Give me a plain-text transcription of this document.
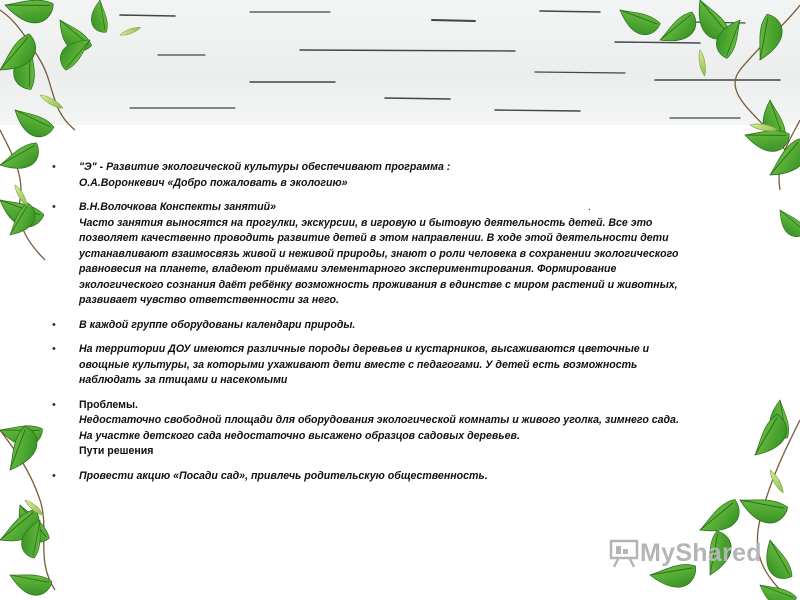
• "Э" - Развитие экологической культуры обеспечивают программа :
О.А.Воронкевич «Добро пожаловать в экологию»
• В.Н.Волочкова Конспекты занятий»
Часто занятия выносятся на прогулки, экскурсии, в игровую и бытовую деятельность детей. Все это
позволяет качественно проводить развитие детей в этом направлении. В ходе этой деятельности дети
устанавливают взаимосвязь живой и неживой природы, знают о роли человека в сохранении экологического
равновесия на планете, владеют приёмами элементарного экспериментирования. Формирование
экологического сознания даёт ребёнку возможность проживания в единстве с миром растений и животных,
развивает чувство ответственности за него.
• В каждой группе оборудованы календари природы.
• На территории ДОУ имеются различные породы деревьев и кустарников, высаживаются цветочные и
овощные культуры, за которыми ухаживают дети вместе с педагогами. У детей есть возможность
наблюдать за птицами и насекомыми
• Проблемы.
Недостаточно свободной площади для оборудования экологической комнаты и живого уголка, зимнего сада.
На участке детского сада недостаточно высажено образцов садовых деревьев.
Пути решения
• Провести акцию «Посади сад», привлечь родительскую общественность.
.
MyShared
